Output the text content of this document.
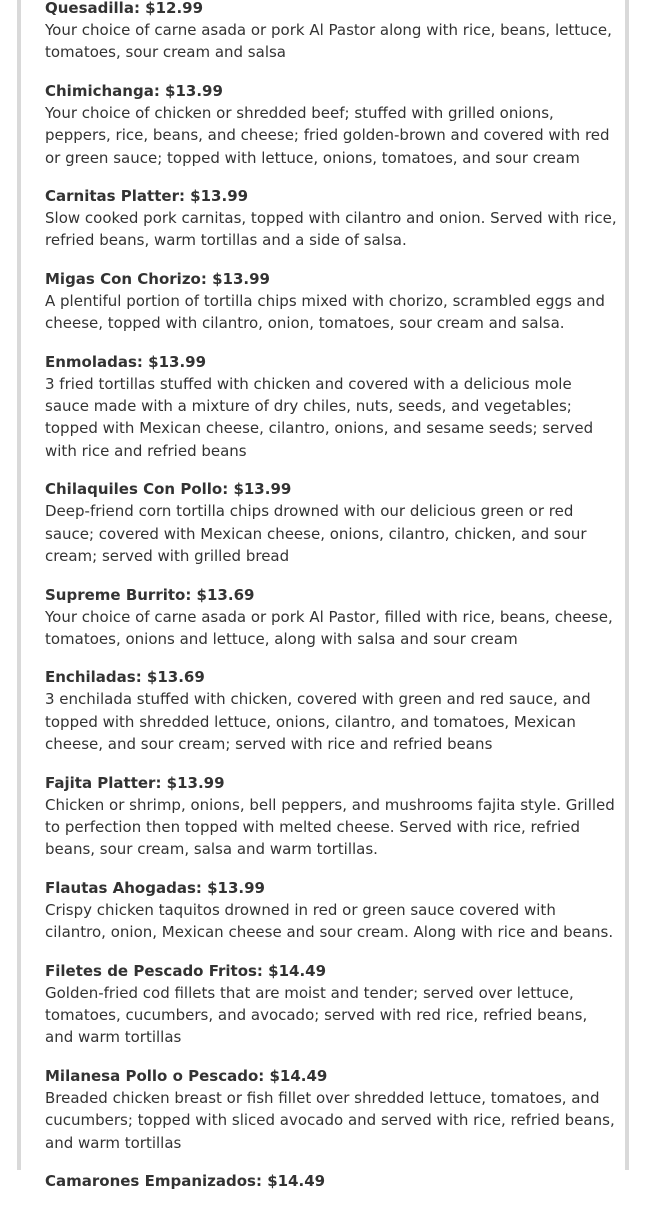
Quesadilla: $12.99
Your choice of carne asada or pork Al Pastor along with rice, beans, lettuce, tomatoes, sour cream and salsa
Chimichanga: $13.99
Your choice of chicken or shredded beef; stuffed with grilled onions, peppers, rice, beans, and cheese; fried golden-brown and covered with red or green sauce; topped with lettuce, onions, tomatoes, and sour cream
Carnitas Platter: $13.99
Slow cooked pork carnitas, topped with cilantro and onion. Served with rice, refried beans, warm tortillas and a side of salsa.
Migas Con Chorizo: $13.99
A plentiful portion of tortilla chips mixed with chorizo, scrambled eggs and cheese, topped with cilantro, onion, tomatoes, sour cream and salsa.
Enmoladas: $13.99
3 fried tortillas stuffed with chicken and covered with a delicious mole sauce made with a mixture of dry chiles, nuts, seeds, and vegetables; topped with Mexican cheese, cilantro, onions, and sesame seeds; served with rice and refried beans
Chilaquiles Con Pollo: $13.99
Deep-friend corn tortilla chips drowned with our delicious green or red sauce; covered with Mexican cheese, onions, cilantro, chicken, and sour cream; served with grilled bread
Supreme Burrito: $13.69
Your choice of carne asada or pork Al Pastor, filled with rice, beans, cheese, tomatoes, onions and lettuce, along with salsa and sour cream
Enchiladas: $13.69
3 enchilada stuffed with chicken, covered with green and red sauce, and topped with shredded lettuce, onions, cilantro, and tomatoes, Mexican cheese, and sour cream; served with rice and refried beans
Fajita Platter: $13.99
Chicken or shrimp, onions, bell peppers, and mushrooms fajita style. Grilled to perfection then topped with melted cheese. Served with rice, refried beans, sour cream, salsa and warm tortillas.
Flautas Ahogadas: $13.99
Crispy chicken taquitos drowned in red or green sauce covered with cilantro, onion, Mexican cheese and sour cream. Along with rice and beans.
Filetes de Pescado Fritos: $14.49
Golden-fried cod fillets that are moist and tender; served over lettuce, tomatoes, cucumbers, and avocado; served with red rice, refried beans, and warm tortillas
Milanesa Pollo o Pescado: $14.49
Breaded chicken breast or fish fillet over shredded lettuce, tomatoes, and cucumbers; topped with sliced avocado and served with rice, refried beans, and warm tortillas
Camarones Empanizados: $14.49
